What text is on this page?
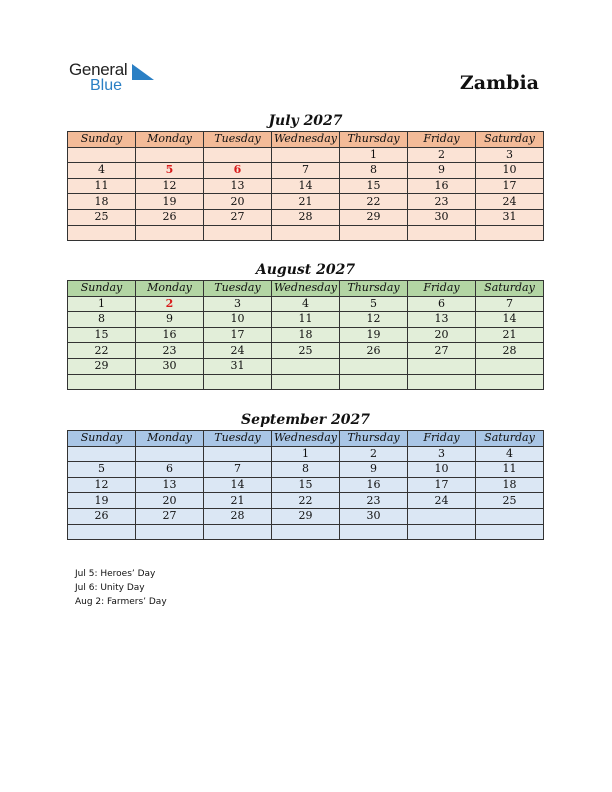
General
Blue	Zambia
July 2027
Sunday	Monday	Tuesday	Wednesday	Thursday	Friday	Saturday
				1	2	3
4	5	6	7	8	9	10
11	12	13	14	15	16	17
18	19	20	21	22	23	24
25	26	27	28	29	30	31

August 2027
Sunday	Monday	Tuesday	Wednesday	Thursday	Friday	Saturday
1	2	3	4	5	6	7
8	9	10	11	12	13	14
15	16	17	18	19	20	21
22	23	24	25	26	27	28
29	30	31				

September 2027
Sunday	Monday	Tuesday	Wednesday	Thursday	Friday	Saturday
			1	2	3	4
5	6	7	8	9	10	11
12	13	14	15	16	17	18
19	20	21	22	23	24	25
26	27	28	29	30		

Jul 5: Heroes’ Day
Jul 6: Unity Day
Aug 2: Farmers’ Day
